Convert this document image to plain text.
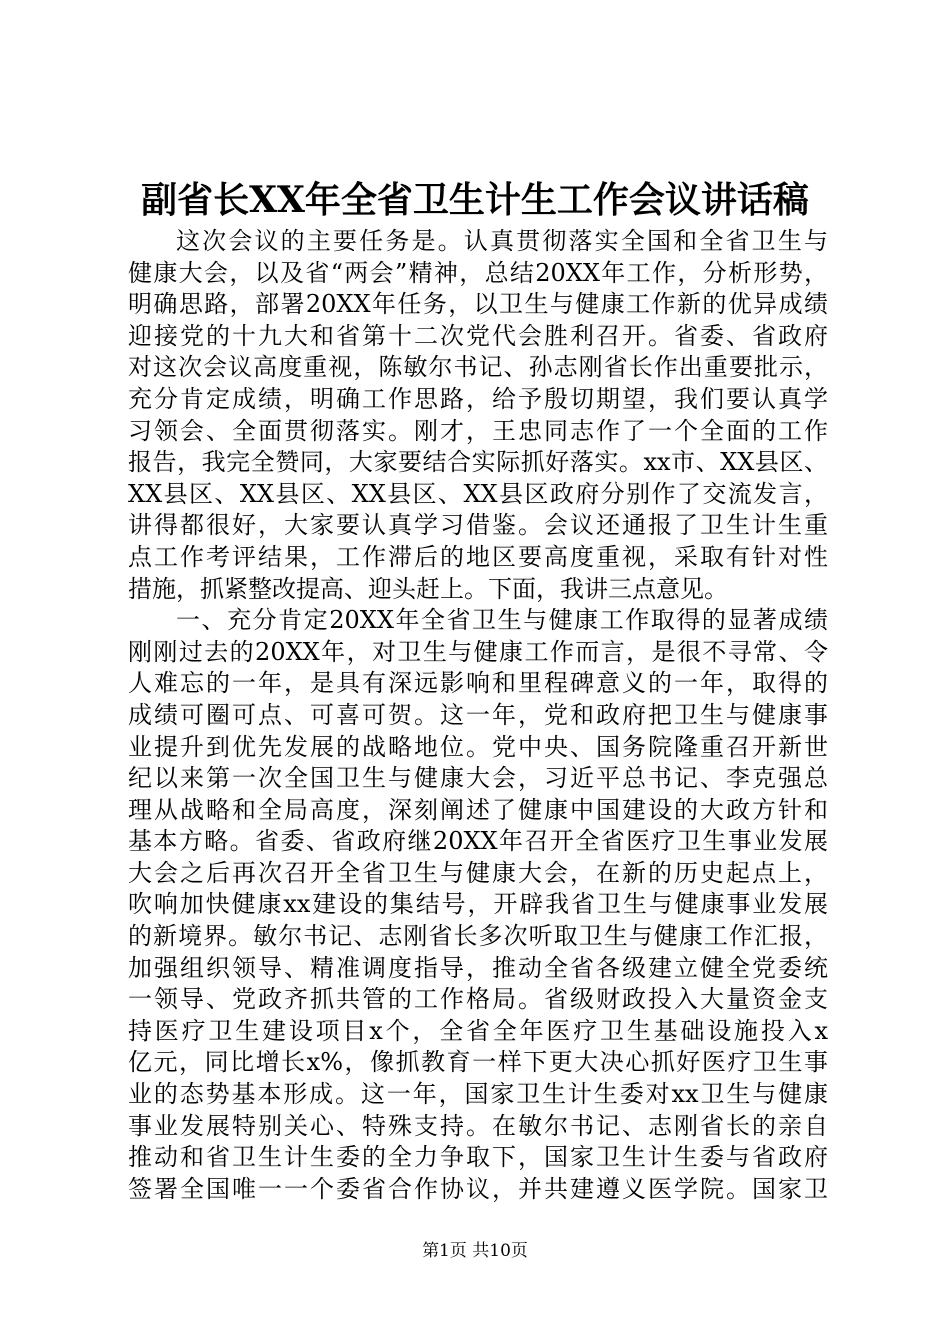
副省长XX年全省卫生计生工作会议讲话稿
这次会议的主要任务是。认真贯彻落实全国和全省卫生与
健康大会，以及省“两会”精神，总结20XX年工作，分析形势，
明确思路，部署20XX年任务，以卫生与健康工作新的优异成绩
迎接党的十九大和省第十二次党代会胜利召开。省委、省政府
对这次会议高度重视，陈敏尔书记、孙志刚省长作出重要批示，
充分肯定成绩，明确工作思路，给予殷切期望，我们要认真学
习领会、全面贯彻落实。刚才，王忠同志作了一个全面的工作
报告，我完全赞同，大家要结合实际抓好落实。xx市、XX县区、
XX县区、XX县区、XX县区、XX县区政府分别作了交流发言，
讲得都很好，大家要认真学习借鉴。会议还通报了卫生计生重
点工作考评结果，工作滞后的地区要高度重视，采取有针对性
措施，抓紧整改提高、迎头赶上。下面，我讲三点意见。
一、充分肯定20XX年全省卫生与健康工作取得的显著成绩
刚刚过去的20XX年，对卫生与健康工作而言，是很不寻常、令
人难忘的一年，是具有深远影响和里程碑意义的一年，取得的
成绩可圈可点、可喜可贺。这一年，党和政府把卫生与健康事
业提升到优先发展的战略地位。党中央、国务院隆重召开新世
纪以来第一次全国卫生与健康大会，习近平总书记、李克强总
理从战略和全局高度，深刻阐述了健康中国建设的大政方针和
基本方略。省委、省政府继20XX年召开全省医疗卫生事业发展
大会之后再次召开全省卫生与健康大会，在新的历史起点上，
吹响加快健康xx建设的集结号，开辟我省卫生与健康事业发展
的新境界。敏尔书记、志刚省长多次听取卫生与健康工作汇报，
加强组织领导、精准调度指导，推动全省各级建立健全党委统
一领导、党政齐抓共管的工作格局。省级财政投入大量资金支
持医疗卫生建设项目x个，全省全年医疗卫生基础设施投入x
亿元，同比增长x%，像抓教育一样下更大决心抓好医疗卫生事
业的态势基本形成。这一年，国家卫生计生委对xx卫生与健康
事业发展特别关心、特殊支持。在敏尔书记、志刚省长的亲自
推动和省卫生计生委的全力争取下，国家卫生计生委与省政府
签署全国唯一一个委省合作协议，并共建遵义医学院。国家卫
第1页 共10页
